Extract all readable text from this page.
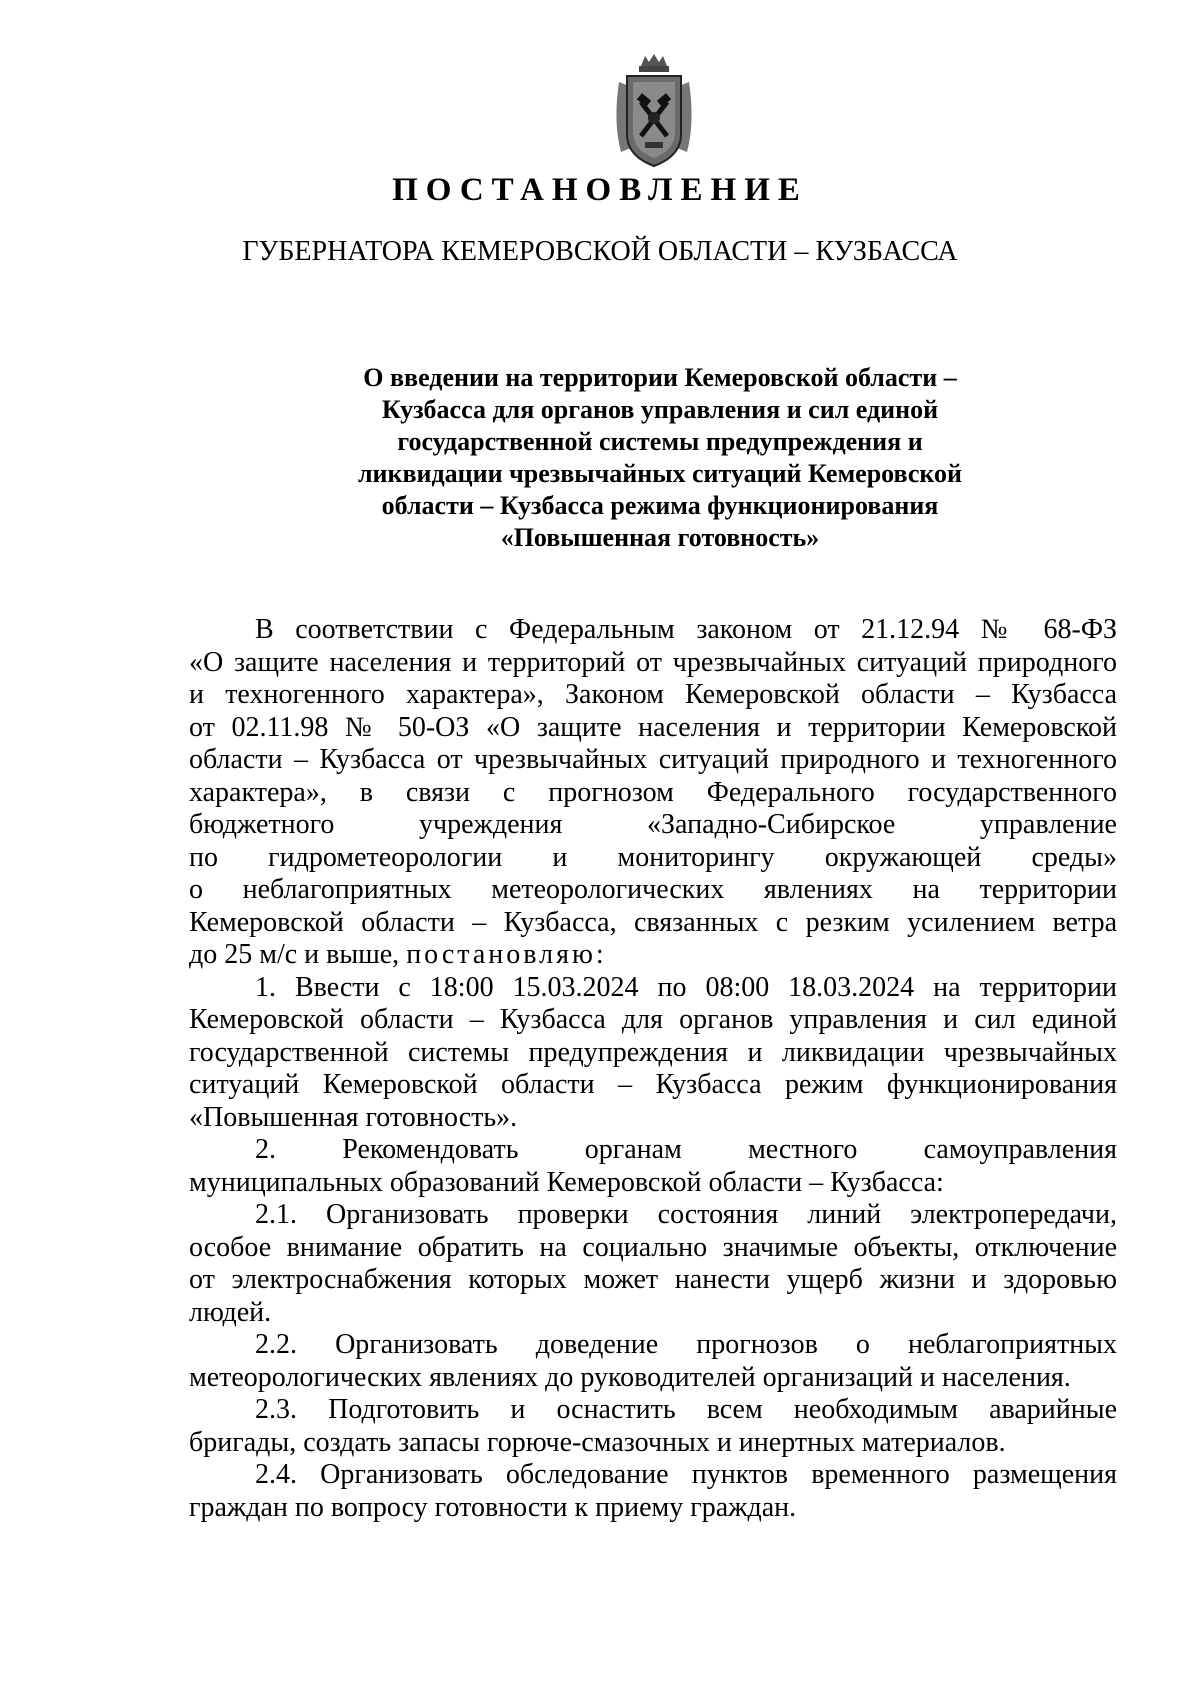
ПОСТАНОВЛЕНИЕ
ГУБЕРНАТОРА КЕМЕРОВСКОЙ ОБЛАСТИ – КУЗБАССА
О введении на территории Кемеровской области –
Кузбасса для органов управления и сил единой
государственной системы предупреждения и
ликвидации чрезвычайных ситуаций Кемеровской
области – Кузбасса режима функционирования
«Повышенная готовность»
В соответствии с Федеральным законом от 21.12.94 № 68-ФЗ
«О защите населения и территорий от чрезвычайных ситуаций природного
и техногенного характера», Законом Кемеровской области – Кузбасса
от 02.11.98 № 50-ОЗ «О защите населения и территории Кемеровской
области – Кузбасса от чрезвычайных ситуаций природного и техногенного
характера», в связи с прогнозом Федерального государственного
бюджетного учреждения «Западно-Сибирское управление
по гидрометеорологии и мониторингу окружающей среды»
о неблагоприятных метеорологических явлениях на территории
Кемеровской области – Кузбасса, связанных с резким усилением ветра
до 25 м/с и выше, постановляю:
1. Ввести с 18:00 15.03.2024 по 08:00 18.03.2024 на территории
Кемеровской области – Кузбасса для органов управления и сил единой
государственной системы предупреждения и ликвидации чрезвычайных
ситуаций Кемеровской области – Кузбасса режим функционирования
«Повышенная готовность».
2. Рекомендовать органам местного самоуправления
муниципальных образований Кемеровской области – Кузбасса:
2.1. Организовать проверки состояния линий электропередачи,
особое внимание обратить на социально значимые объекты, отключение
от электроснабжения которых может нанести ущерб жизни и здоровью
людей.
2.2. Организовать доведение прогнозов о неблагоприятных
метеорологических явлениях до руководителей организаций и населения.
2.3. Подготовить и оснастить всем необходимым аварийные
бригады, создать запасы горюче-смазочных и инертных материалов.
2.4. Организовать обследование пунктов временного размещения
граждан по вопросу готовности к приему граждан.
